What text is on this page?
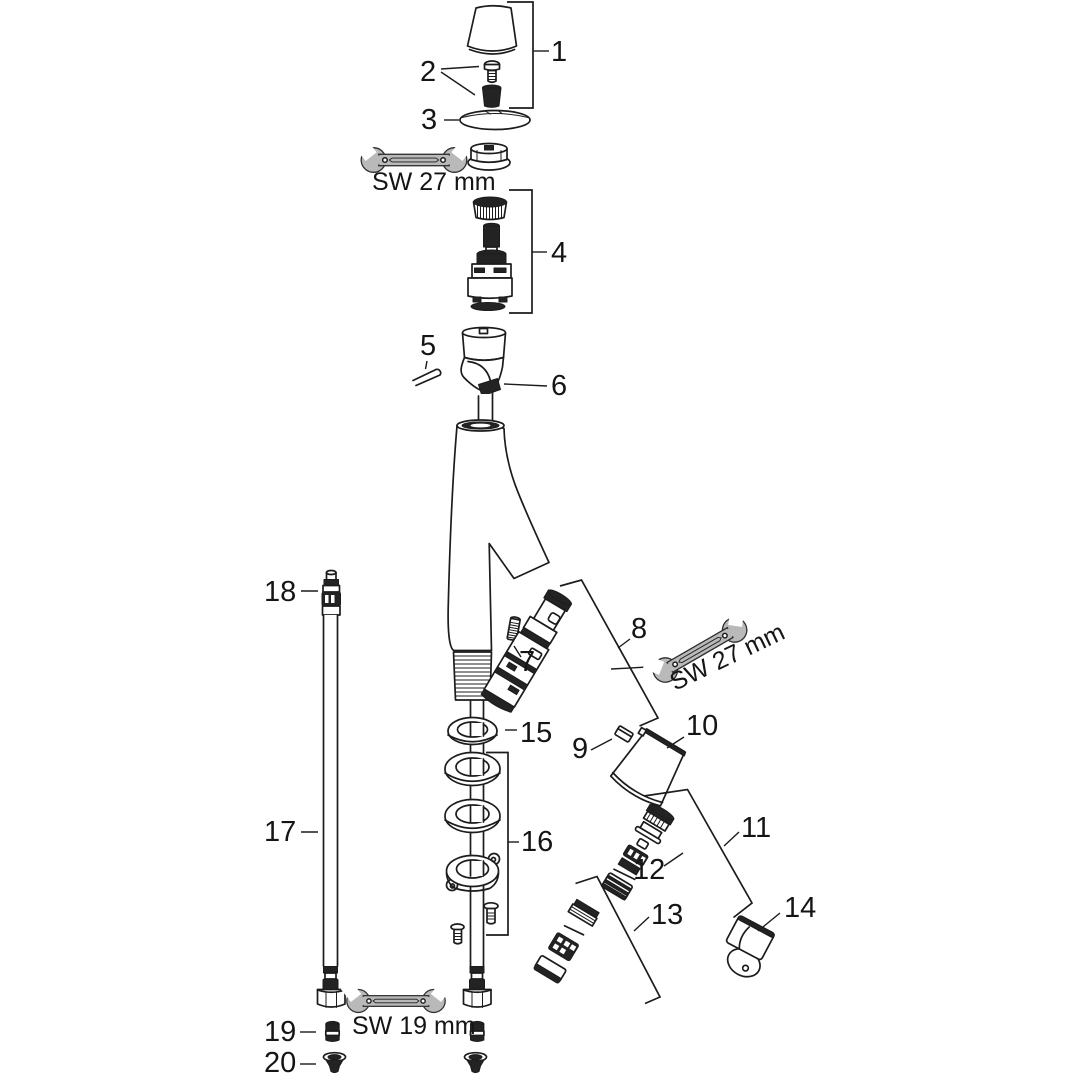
1
2
3
4
5
6
7
8
9
10
11
12
13	14
15
16
17
18
19
20
SW 27 mm
SW 27 mm
SW 19 mm
